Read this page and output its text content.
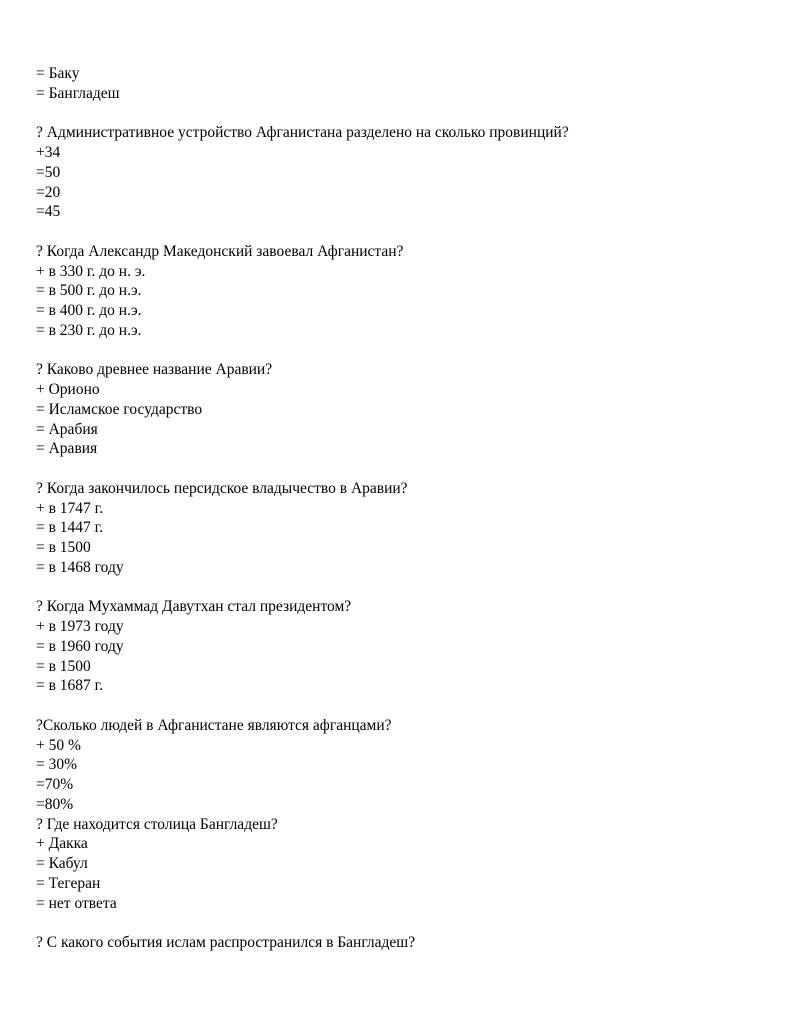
= Баку
= Бангладеш
? Административное устройство Афганистана разделено на сколько провинций?
+34
=50
=20
=45
? Когда Александр Македонский завоевал Афганистан?
+ в 330 г. до н. э.
= в 500 г. до н.э.
= в 400 г. до н.э.
= в 230 г. до н.э.
? Каково древнее название Аравии?
+ Орионо
= Исламское государство
= Арабия
= Аравия
? Когда закончилось персидское владычество в Аравии?
+ в 1747 г.
= в 1447 г.
= в 1500
= в 1468 году
? Когда Мухаммад Давутхан стал президентом?
+ в 1973 году
= в 1960 году
= в 1500
= в 1687 г.
?Сколько людей в Афганистане являются афганцами?
+ 50 %
= 30%
=70%
=80%
? Где находится столица Бангладеш?
+ Дакка
= Кабул
= Тегеран
= нет ответа
? С какого события ислам распространился в Бангладеш?
